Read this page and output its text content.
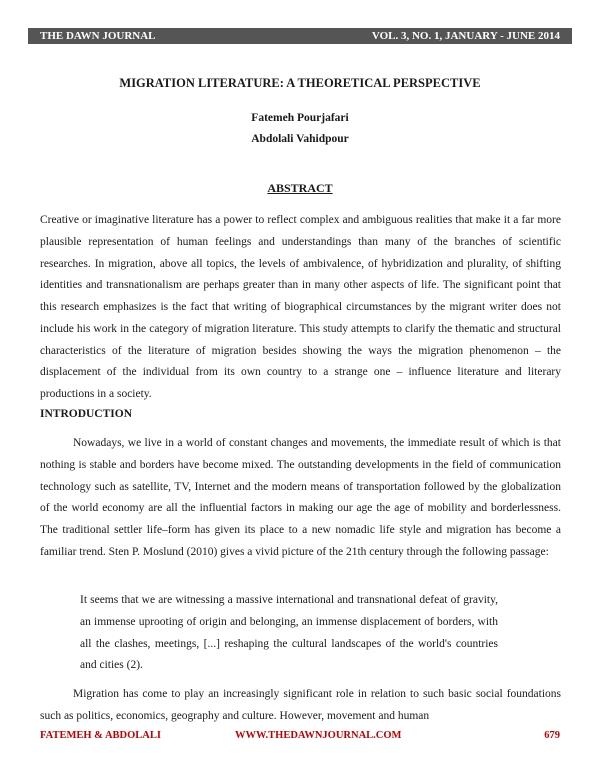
THE DAWN JOURNAL	VOL. 3, NO. 1, JANUARY - JUNE 2014
MIGRATION LITERATURE: A THEORETICAL PERSPECTIVE
Fatemeh Pourjafari
Abdolali Vahidpour
ABSTRACT

Creative or imaginative literature has a power to reflect complex and ambiguous realities that make it a far more plausible representation of human feelings and understandings than many of the branches of scientific researches. In migration, above all topics, the levels of ambivalence, of hybridization and plurality, of shifting identities and transnationalism are perhaps greater than in many other aspects of life. The significant point that this research emphasizes is the fact that writing of biographical circumstances by the migrant writer does not include his work in the category of migration literature. This study attempts to clarify the thematic and structural characteristics of the literature of migration besides showing the ways the migration phenomenon – the displacement of the individual from its own country to a strange one – influence literature and literary productions in a society.

INTRODUCTION

Nowadays, we live in a world of constant changes and movements, the immediate result of which is that nothing is stable and borders have become mixed. The outstanding developments in the field of communication technology such as satellite, TV, Internet and the modern means of transportation followed by the globalization of the world economy are all the influential factors in making our age the age of mobility and borderlessness. The traditional settler life–form has given its place to a new nomadic life style and migration has become a familiar trend. Sten P. Moslund (2010) gives a vivid picture of the 21th century through the following passage:

It seems that we are witnessing a massive international and transnational defeat of gravity, an immense uprooting of origin and belonging, an immense displacement of borders, with all the clashes, meetings, [...] reshaping the cultural landscapes of the world's countries and cities (2).

Migration has come to play an increasingly significant role in relation to such basic social foundations such as politics, economics, geography and culture. However, movement and human

FATEMEH & ABDOLALI	WWW.THEDAWNJOURNAL.COM	679
